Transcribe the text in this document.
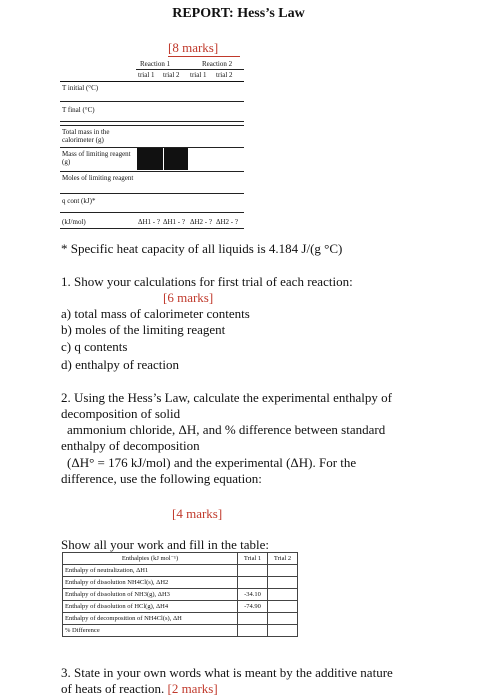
REPORT: Hess’s Law
[8 marks]
Reaction 1	Reaction 2
trial 1 trial 2 trial 1 trial 2
T initial (°C)
T final (°C)
Total mass in the calorimeter (g)
Mass of limiting reagent (g)
Moles of limiting reagent
q cont (kJ)*
(kJ/mol)	ΔH1 ‑ ? ΔH1 ‑ ? ΔH2 ‑ ? ΔH2 ‑ ?
* Specific heat capacity of all liquids is 4.184 J/(g °C)
1. Show your calculations for first trial of each reaction:
[6 marks]
a) total mass of calorimeter contents
b) moles of the limiting reagent
c) q contents
d) enthalpy of reaction
2. Using the Hess’s Law, calculate the experimental enthalpy of
decomposition of solid
ammonium chloride, ΔH, and % difference between standard
enthalpy of decomposition
(ΔH° = 176 kJ/mol) and the experimental (ΔH). For the
difference, use the following equation:
[4 marks]
Show all your work and fill in the table:
Enthalpies (kJ mol⁻¹)	Trial 1	Trial 2
Enthalpy of neutralization, ΔH1		
Enthalpy of dissolution NH4Cl(s), ΔH2		
Enthalpy of dissolution of NH3(g), ΔH3	-34.10	
Enthalpy of dissolution of HCl(g), ΔH4	-74.90	
Enthalpy of decomposition of NH4Cl(s), ΔH		
% Difference		
3. State in your own words what is meant by the additive nature
of heats of reaction. [2 marks]
